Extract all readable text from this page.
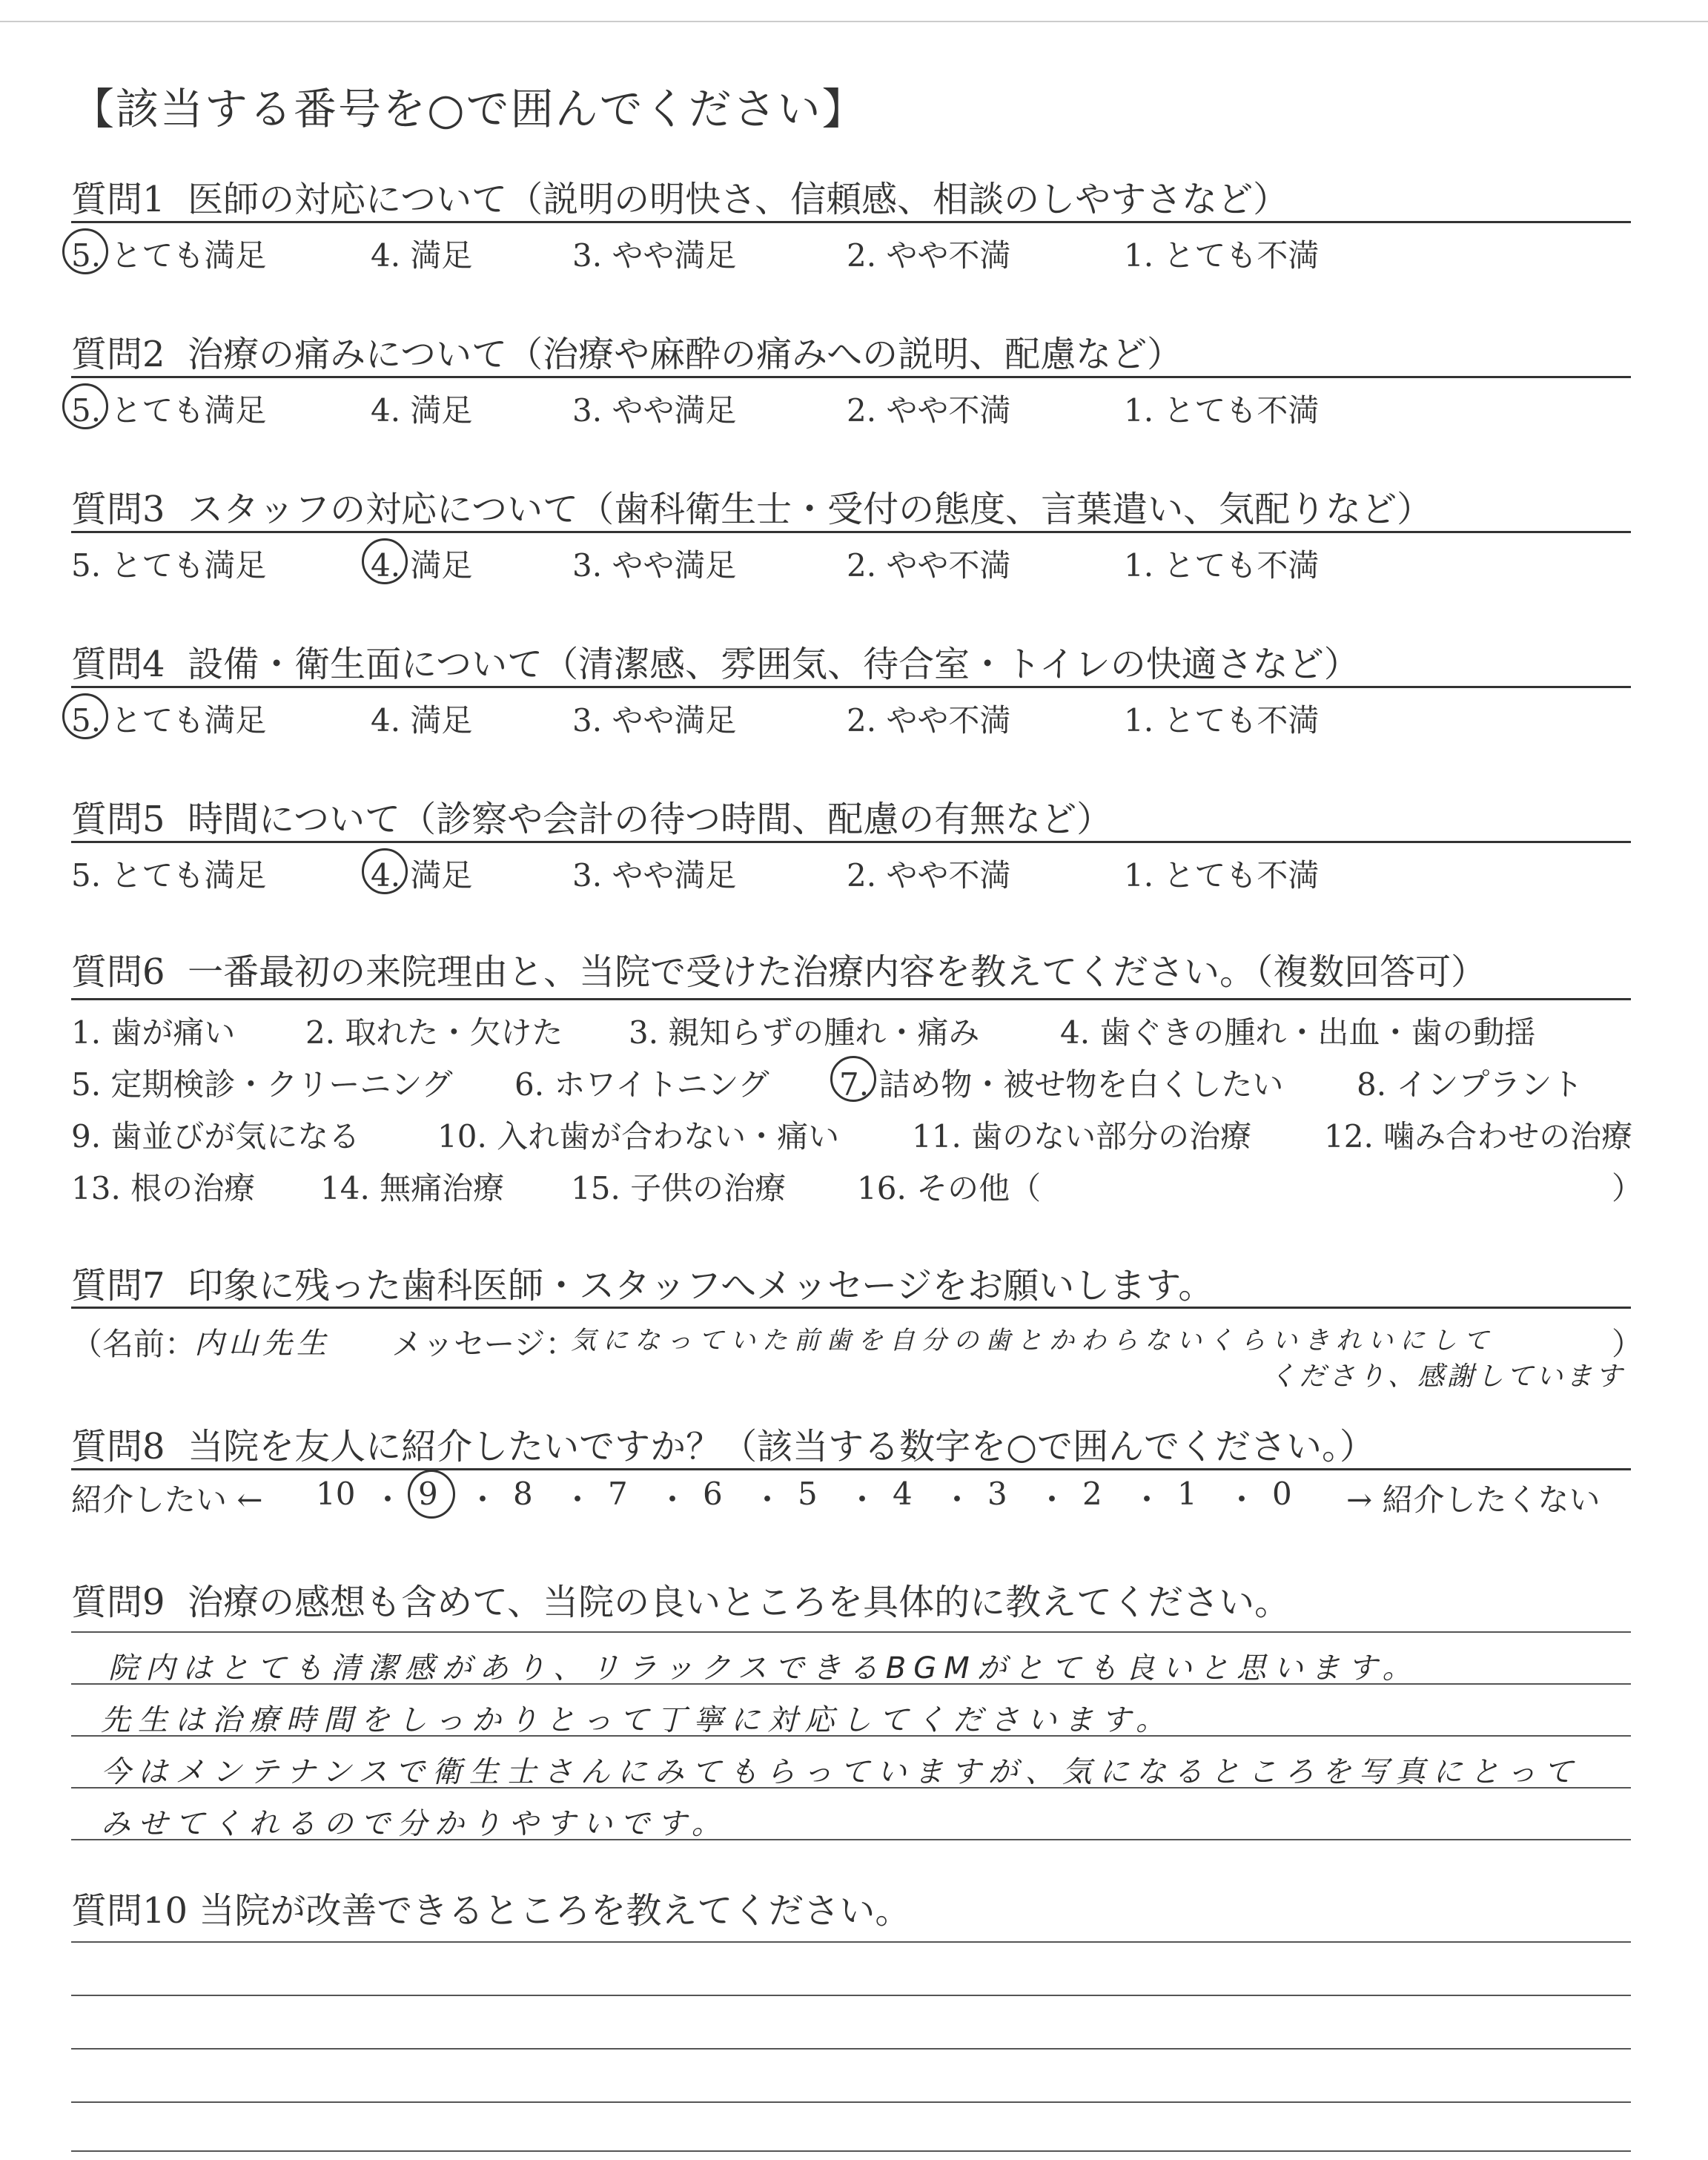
【該当する番号を○で囲んでください】
質問1 医師の対応について（説明の明快さ、信頼感、相談のしやすさなど）
5. とても満足	4. 満足	3. やや満足	2. やや不満	1. とても不満
質問2 治療の痛みについて（治療や麻酔の痛みへの説明、配慮など）
5. とても満足	4. 満足	3. やや満足	2. やや不満	1. とても不満
質問3 スタッフの対応について（歯科衛生士・受付の態度、言葉遣い、気配りなど）
5. とても満足	4. 満足	3. やや満足	2. やや不満	1. とても不満
質問4 設備・衛生面について（清潔感、雰囲気、待合室・トイレの快適さなど）
5. とても満足	4. 満足	3. やや満足	2. やや不満	1. とても不満
質問5 時間について（診察や会計の待つ時間、配慮の有無など）
5. とても満足	4. 満足	3. やや満足	2. やや不満	1. とても不満
質問6 一番最初の来院理由と、当院で受けた治療内容を教えてください。（複数回答可）
1. 歯が痛い 2. 取れた・欠けた 3. 親知らずの腫れ・痛み	4. 歯ぐきの腫れ・出血・歯の動揺
5. 定期検診・クリーニング 6. ホワイトニング 7. 詰め物・被せ物を白くしたい 8. インプラント
9. 歯並びが気になる 10. 入れ歯が合わない・痛い 11. 歯のない部分の治療 12. 噛み合わせの治療
13. 根の治療 14. 無痛治療 15. 子供の治療 16. その他（	）
質問7 印象に残った歯科医師・スタッフへメッセージをお願いします。
（名前：
内山先生 メッセージ：
気になっていた前歯を自分の歯とかわらないくらいきれいにして	）
くださり、感謝しています
質問8 当院を友人に紹介したいですか？（該当する数字を○で囲んでください。）
紹介したい ←	→ 紹介したくない
10 ・ 9 ・ 8 ・ 7 ・ 6 ・ 5 ・ 4 ・ 3 ・ 2 ・ 1 ・ 0
質問9 治療の感想も含めて、当院の良いところを具体的に教えてください。
院内はとても清潔感があり、リラックスできるBGMがとても良いと思います。
先生は治療時間をしっかりとって丁寧に対応してくださいます。
今はメンテナンスで衛生士さんにみてもらっていますが、気になるところを写真にとって
みせてくれるので分かりやすいです。
質問10 当院が改善できるところを教えてください。
